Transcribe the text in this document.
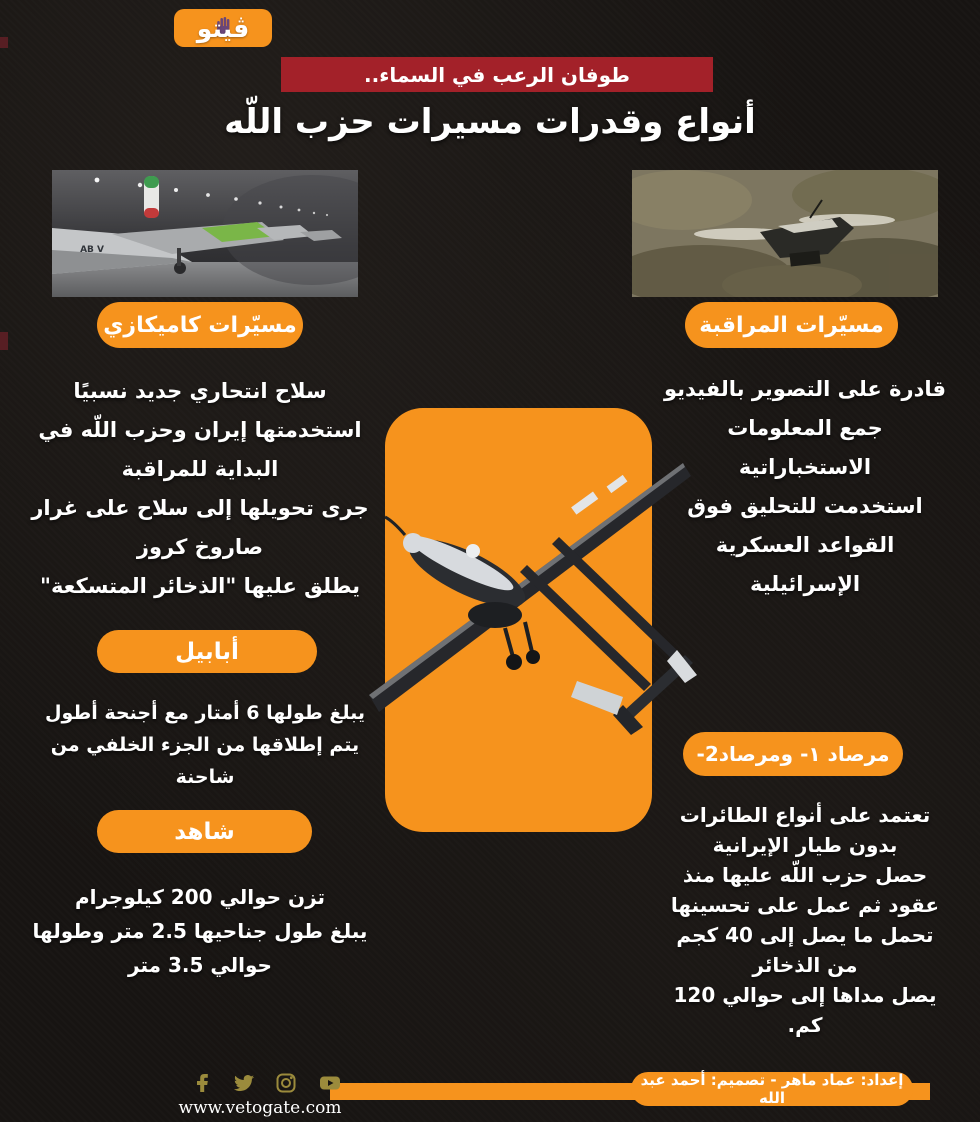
ڤيتو
طوفان الرعب في السماء..
أنواع وقدرات مسيرات حزب اللّه
AB V
مسيّرات كاميكازي	مسيّرات المراقبة
سلاح انتحاري جديد نسبيًا
استخدمتها إيران وحزب اللّه في
البداية للمراقبة
جرى تحويلها إلى سلاح على غرار
صاروخ كروز
يطلق عليها "الذخائر المتسكعة"
قادرة على التصوير بالفيديو
جمع المعلومات
الاستخباراتية
استخدمت للتحليق فوق
القواعد العسكرية
الإسرائيلية
أبابيل
يبلغ طولها 6 أمتار مع أجنحة أطول
يتم إطلاقها من الجزء الخلفي من
شاحنة
شاهد
تزن حوالي 200 كيلوجرام
يبلغ طول جناحيها 2.5 متر وطولها
حوالي 3.5 متر
مرصاد ١- ومرصاد2-
تعتمد على أنواع الطائرات
بدون طيار الإيرانية
حصل حزب اللّه عليها منذ
عقود ثم عمل على تحسينها
تحمل ما يصل إلى 40 كجم
من الذخائر
يصل مداها إلى حوالي 120
كم.
إعداد: عماد ماهر - تصميم: أحمد عبد الله
www.vetogate.com
